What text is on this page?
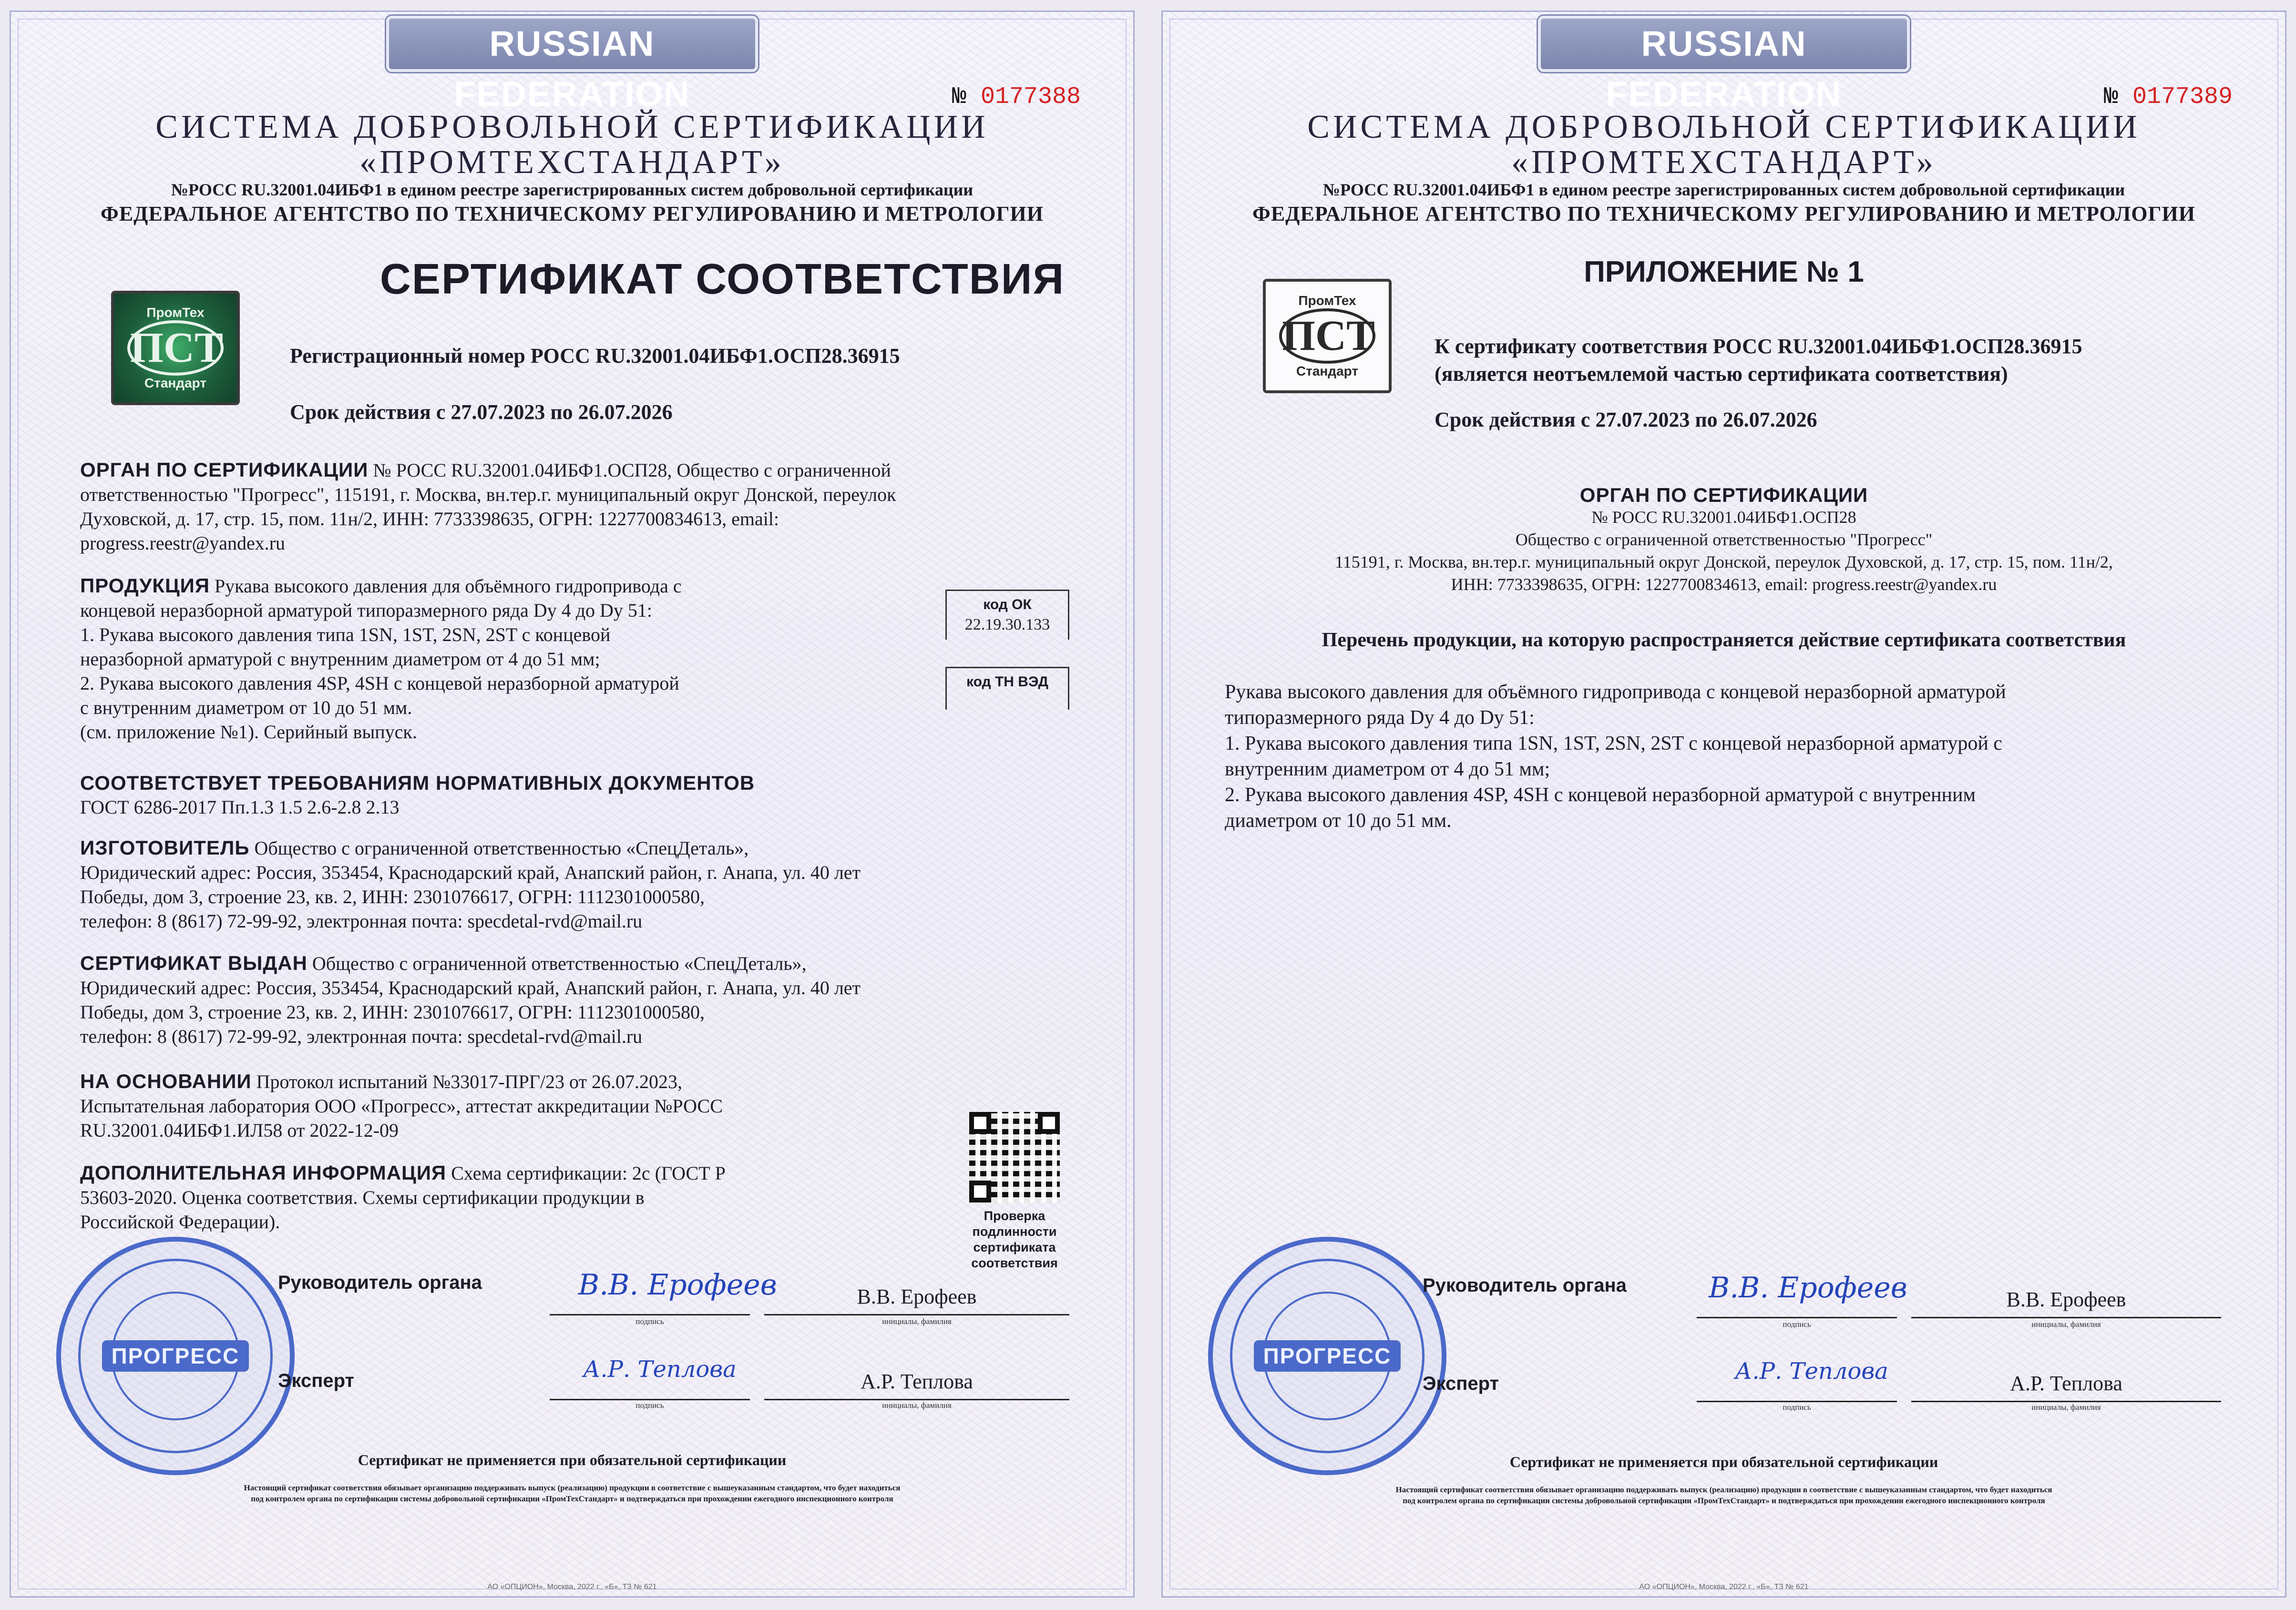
RUSSIAN FEDERATION	№ 0177388
СИСТЕМА ДОБРОВОЛЬНОЙ СЕРТИФИКАЦИИ
«ПРОМТЕХСТАНДАРТ»
№РОСС RU.32001.04ИБФ1 в едином реестре зарегистрированных систем добровольной сертификации
ФЕДЕРАЛЬНОЕ АГЕНТСТВО ПО ТЕХНИЧЕСКОМУ РЕГУЛИРОВАНИЮ И МЕТРОЛОГИИ
ПромТех
ПСТ
Стандарт
СЕРТИФИКАТ СООТВЕТСТВИЯ
Регистрационный номер РОСС RU.32001.04ИБФ1.ОСП28.36915
Срок действия с 27.07.2023 по 26.07.2026

ОРГАН ПО СЕРТИФИКАЦИИ № РОСС RU.32001.04ИБФ1.ОСП28, Общество с ограниченной

ответственностью "Прогресс", 115191, г. Москва, вн.тер.г. муниципальный округ Донской, переулок

Духовской, д. 17, стр. 15, пом. 11н/2, ИНН: 7733398635, ОГРН: 1227700834613, email:

progress.reestr@yandex.ru

ПРОДУКЦИЯ Рукава высокого давления для объёмного гидропривода с

концевой неразборной арматурой типоразмерного ряда Dy 4 до Dy 51:

1. Рукава высокого давления типа 1SN, 1ST, 2SN, 2ST с концевой

неразборной арматурой с внутренним диаметром от 4 до 51 мм;

2. Рукава высокого давления 4SP, 4SH с концевой неразборной арматурой

с внутренним диаметром от 10 до 51 мм.

(см. приложение №1). Серийный выпуск.

код ОК
22.19.30.133
код ТН ВЭД

СООТВЕТСТВУЕТ ТРЕБОВАНИЯМ НОРМАТИВНЫХ ДОКУМЕНТОВ

ГОСТ 6286-2017 Пп.1.3 1.5 2.6-2.8 2.13

ИЗГОТОВИТЕЛЬ Общество с ограниченной ответственностью «СпецДеталь»,

Юридический адрес: Россия, 353454, Краснодарский край, Анапский район, г. Анапа, ул. 40 лет

Победы, дом 3, строение 23, кв. 2, ИНН: 2301076617, ОГРН: 1112301000580,

телефон: 8 (8617) 72-99-92, электронная почта: specdetal-rvd@mail.ru

СЕРТИФИКАТ ВЫДАН Общество с ограниченной ответственностью «СпецДеталь»,

Юридический адрес: Россия, 353454, Краснодарский край, Анапский район, г. Анапа, ул. 40 лет

Победы, дом 3, строение 23, кв. 2, ИНН: 2301076617, ОГРН: 1112301000580,

телефон: 8 (8617) 72-99-92, электронная почта: specdetal-rvd@mail.ru

НА ОСНОВАНИИ Протокол испытаний №33017-ПРГ/23 от 26.07.2023,

Испытательная лаборатория ООО «Прогресс», аттестат аккредитации №РОСС

RU.32001.04ИБФ1.ИЛ58 от 2022-12-09

ДОПОЛНИТЕЛЬНАЯ ИНФОРМАЦИЯ Схема сертификации: 2с (ГОСТ Р

53603-2020. Оценка соответствия. Схемы сертификации продукции в

Российской Федерации).	Проверка
подлинности
сертификата
соответствия
ПРОГРЕСС
Руководитель органа	В.В. Ерофеев	В.В. Ерофеев
подпись	инициалы, фамилия
Эксперт	А.Р. Теплова	А.Р. Теплова
подпись	инициалы, фамилия
Сертификат не применяется при обязательной сертификации
Настоящий сертификат соответствия обязывает организацию поддерживать выпуск (реализацию) продукции в соответствие с вышеуказанным стандартом, что будет находиться
под контролем органа по сертификации системы добровольной сертификации «ПромТехСтандарт» и подтверждаться при прохождении ежегодного инспекционного контроля
АО «ОПЦИОН», Москва, 2022 г., «Б», ТЗ № 621
RUSSIAN FEDERATION	№ 0177389
СИСТЕМА ДОБРОВОЛЬНОЙ СЕРТИФИКАЦИИ
«ПРОМТЕХСТАНДАРТ»
№РОСС RU.32001.04ИБФ1 в едином реестре зарегистрированных систем добровольной сертификации
ФЕДЕРАЛЬНОЕ АГЕНТСТВО ПО ТЕХНИЧЕСКОМУ РЕГУЛИРОВАНИЮ И МЕТРОЛОГИИ
ПРИЛОЖЕНИЕ № 1
ПромТех
ПСТ
Стандарт
К сертификату соответствия РОСС RU.32001.04ИБФ1.ОСП28.36915
(является неотъемлемой частью сертификата соответствия)
Срок действия с 27.07.2023 по 26.07.2026

ОРГАН ПО СЕРТИФИКАЦИИ

№ РОСС RU.32001.04ИБФ1.ОСП28

Общество с ограниченной ответственностью "Прогресс"

115191, г. Москва, вн.тер.г. муниципальный округ Донской, переулок Духовской, д. 17, стр. 15, пом. 11н/2,

ИНН: 7733398635, ОГРН: 1227700834613, email: progress.reestr@yandex.ru

Перечень продукции, на которую распространяется действие сертификата соответствия

Рукава высокого давления для объёмного гидропривода с концевой неразборной арматурой

типоразмерного ряда Dy 4 до Dy 51:

1. Рукава высокого давления типа 1SN, 1ST, 2SN, 2ST с концевой неразборной арматурой с

внутренним диаметром от 4 до 51 мм;

2. Рукава высокого давления 4SP, 4SH с концевой неразборной арматурой с внутренним

диаметром от 10 до 51 мм.

ПРОГРЕСС
Руководитель органа	В.В. Ерофеев	В.В. Ерофеев
подпись	инициалы, фамилия
Эксперт	А.Р. Теплова	А.Р. Теплова
подпись	инициалы, фамилия
Сертификат не применяется при обязательной сертификации
Настоящий сертификат соответствия обязывает организацию поддерживать выпуск (реализацию) продукции в соответствие с вышеуказанным стандартом, что будет находиться
под контролем органа по сертификации системы добровольной сертификации «ПромТехСтандарт» и подтверждаться при прохождении ежегодного инспекционного контроля
АО «ОПЦИОН», Москва, 2022 г., «Б», ТЗ № 621
